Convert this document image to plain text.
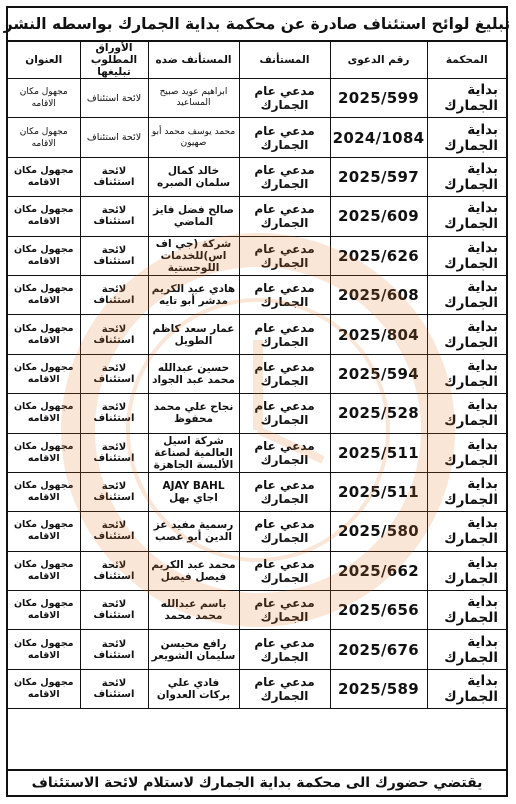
تبليغ لوائح استئناف صادرة عن محكمة بداية الجمارك بواسطه النشر
المحكمة	رقم الدعوى	المستأنف	المستأنف ضده	الأوراق المطلوب تبليغها	العنوان
بداية الجمارك	2025/599	مدعي عام الجمارك	ابراهيم عويد صبيح المساعيد	لائحة استئناف	مجهول مكان الاقامه
بداية الجمارك	2024/1084	مدعي عام الجمارك	محمد يوسف محمد أبو صهيون	لائحة استئناف	مجهول مكان الاقامه
بداية الجمارك	2025/597	مدعي عام الجمارك	خالد كمال سلمان الصبره	لائحة استئناف	مجهول مكان الاقامه
بداية الجمارك	2025/609	مدعي عام الجمارك	صالح فضل فايز الماضي	لائحة استئناف	مجهول مكان الاقامه
بداية الجمارك	2025/626	مدعي عام الجمارك	شركة (جي اف اس)للخدمات اللوجستية	لائحة استئناف	مجهول مكان الاقامه
بداية الجمارك	2025/608	مدعي عام الجمارك	هادي عبد الكريم مدشر أبو تايه	لائحة استئناف	مجهول مكان الاقامه
بداية الجمارك	2025/804	مدعي عام الجمارك	عمار سعد كاظم الطويل	لائحة استئناف	مجهول مكان الاقامه
بداية الجمارك	2025/594	مدعي عام الجمارك	حسين عبدالله محمد عبد الجواد	لائحة استئناف	مجهول مكان الاقامه
بداية الجمارك	2025/528	مدعي عام الجمارك	نجاح علي محمد محفوظ	لائحة استئناف	مجهول مكان الاقامه
بداية الجمارك	2025/511	مدعي عام الجمارك	شركة اسيل العالمية لصناعة الألبسة الجاهزة	لائحة استئناف	مجهول مكان الاقامه
بداية الجمارك	2025/511	مدعي عام الجمارك	AJAY BAHL اجاي بهل	لائحة استئناف	مجهول مكان الاقامه
بداية الجمارك	2025/580	مدعي عام الجمارك	رسمية مفيد عز الدين أبو عصب	لائحة استئناف	مجهول مكان الاقامه
بداية الجمارك	2025/662	مدعي عام الجمارك	محمد عبد الكريم فيصل فيصل	لائحة استئناف	مجهول مكان الاقامه
بداية الجمارك	2025/656	مدعي عام الجمارك	باسم عبدالله محمد محمد	لائحة استئناف	مجهول مكان الاقامه
بداية الجمارك	2025/676	مدعي عام الجمارك	رافع محيسن سليمان الشويعر	لائحة استئناف	مجهول مكان الاقامه
بداية الجمارك	2025/589	مدعي عام الجمارك	فادي علي بركات العدوان	لائحة استئناف	مجهول مكان الاقامه
يقتضي حضورك الى محكمة بداية الجمارك لاستلام لائحة الاستئناف
